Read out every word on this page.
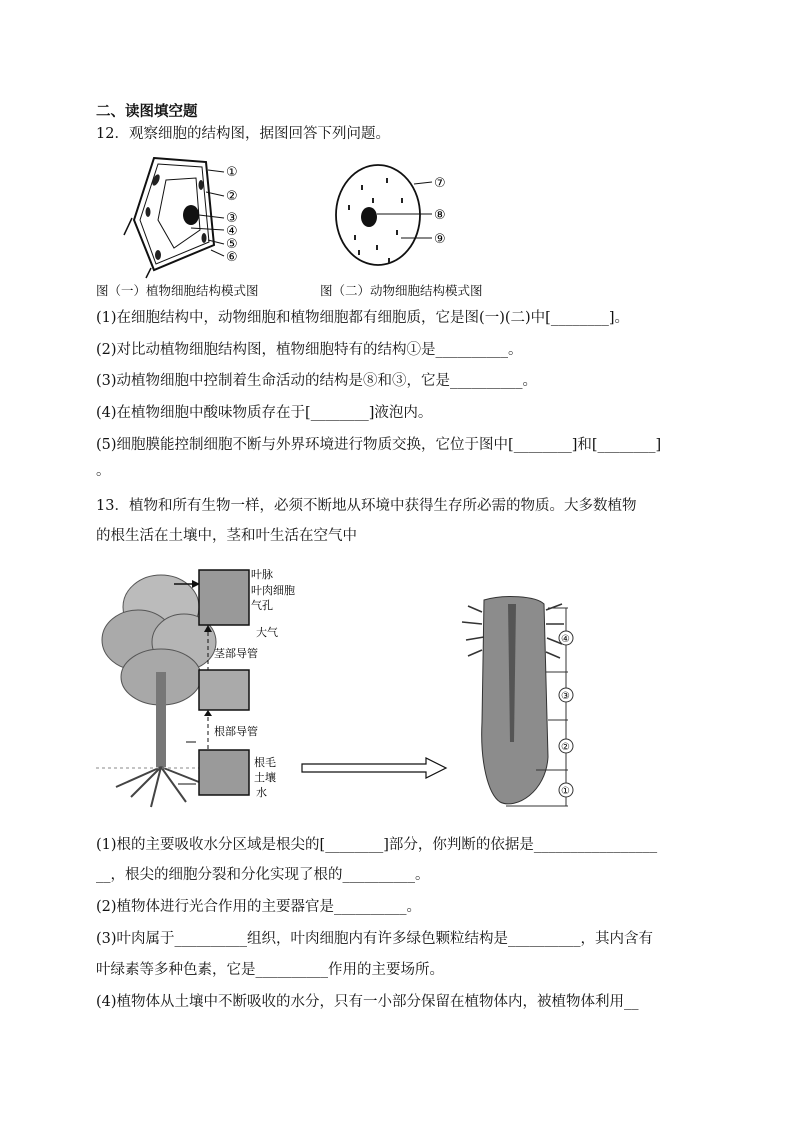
二、读图填空题
12．观察细胞的结构图，据图回答下列问题。
①
②
③
④
⑤
⑥
⑦
⑧
⑨
图（一）植物细胞结构模式图	图（二）动物细胞结构模式图
(1)在细胞结构中，动物细胞和植物细胞都有细胞质，它是图(一)(二)中[________]。
(2)对比动植物细胞结构图，植物细胞特有的结构①是__________。
(3)动植物细胞中控制着生命活动的结构是⑧和③，它是__________。
(4)在植物细胞中酸味物质存在于[________]液泡内。
(5)细胞膜能控制细胞不断与外界环境进行物质交换，它位于图中[________]和[________]
。
13．植物和所有生物一样，必须不断地从环境中获得生存所必需的物质。大多数植物
的根生活在土壤中，茎和叶生活在空气中
叶脉
叶肉细胞
气孔
大气
茎部导管
根部导管
根毛
土壤
水
④
③
②
①
(1)根的主要吸收水分区域是根尖的[________]部分，你判断的依据是_________________
__，根尖的细胞分裂和分化实现了根的__________。
(2)植物体进行光合作用的主要器官是__________。
(3)叶肉属于__________组织，叶肉细胞内有许多绿色颗粒结构是__________，其内含有
叶绿素等多种色素，它是__________作用的主要场所。
(4)植物体从土壤中不断吸收的水分，只有一小部分保留在植物体内，被植物体利用__
